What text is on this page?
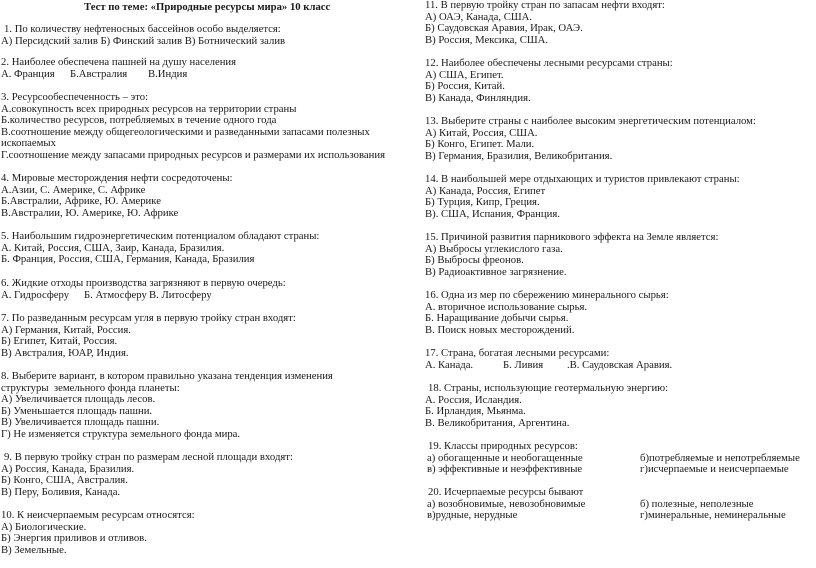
Тест по теме: «Природные ресурсы мира» 10 класс
1. По количеству нефтеносных бассейнов особо выделяется:
А) Персидский залив Б) Финский залив В) Ботнический залив
2. Наиболее обеспечена пашней на душу населения
А. Франция Б.Австралия В.Индия
3. Ресурсообеспеченность – это:
А.совокупность всех природных ресурсов на территории страны
Б.количество ресурсов, потребляемых в течение одного года
В.соотношение между общегеологическими и разведанными запасами полезных
ископаемых
Г.соотношение между запасами природных ресурсов и размерами их использования
4. Мировые месторождения нефти сосредоточены:
А.Азии, С. Америке, С. Африке
Б.Австралии, Африке, Ю. Америке
В.Австралии, Ю. Америке, Ю. Африке
5. Наибольшим гидроэнергетическим потенциалом обладают страны:
А. Китай, Россия, США, Заир, Канада, Бразилия.
Б. Франция, Россия, США, Германия, Канада, Бразилия
6. Жидкие отходы производства загрязняют в первую очередь:
А. Гидросферу Б. Атмосферу В. Литосферу
7. По разведанным ресурсам угля в первую тройку стран входят:
А) Германия, Китай, Россия.
Б) Египет, Китай, Россия.
В) Австралия, ЮАР, Индия.
8. Выберите вариант, в котором правильно указана тенденция изменения
структуры  земельного фонда планеты:
А) Увеличивается площадь лесов.
Б) Уменьшается площадь пашни.
В) Увеличивается площадь пашни.
Г) Не изменяется структура земельного фонда мира.
9. В первую тройку стран по размерам лесной площади входят:
А) Россия, Канада, Бразилия.
Б) Конго, США, Австралия.
В) Перу, Боливия, Канада.
10. К неисчерпаемым ресурсам относятся:
А) Биологические.
Б) Энергия приливов и отливов.
В) Земельные.
11. В первую тройку стран по запасам нефти входят:
А) ОАЭ, Канада, США.
Б) Саудовская Аравия, Ирак, ОАЭ.
В) Россия, Мексика, США.
12. Наиболее обеспечены лесными ресурсами страны:
А) США, Египет.
Б) Россия, Китай.
В) Канада, Финляндия.
13. Выберите страны с наиболее высоким энергетическим потенциалом:
А) Китай, Россия, США.
Б) Конго, Египет. Мали.
В) Германия, Бразилия, Великобритания.
14. В наибольшей мере отдыхающих и туристов привлекают страны:
А) Канада, Россия, Египет
Б) Турция, Кипр, Греция.
В). США, Испания, Франция.
15. Причиной развития парникового эффекта на Земле является:
А) Выбросы углекислого газа.
Б) Выбросы фреонов.
В) Радиоактивное загрязнение.
16. Одна из мер по сбережению минерального сырья:
А. вторичное использование сырья.
Б. Наращивание добычи сырья.
В. Поиск новых месторождений.
17. Страна, богатая лесными ресурсами:
А. Канада.	Б. Ливия .В. Саудовская Аравия.
18. Страны, использующие геотермальную энергию:
А. Россия, Исландия.
Б. Ирландия, Мьянма.
В. Великобритания, Аргентина.
19. Классы природных ресурсов:
а) обогащенные и необогащенные	б)потребляемые и непотребляемые
в) эффективные и неэффективные	г)исчерпаемые и неисчерпаемые
20. Исчерпаемые ресурсы бывают
а) возобновимые, невозобновимые	б) полезные, неполезные
в)рудные, нерудные	г)минеральные, неминеральные
